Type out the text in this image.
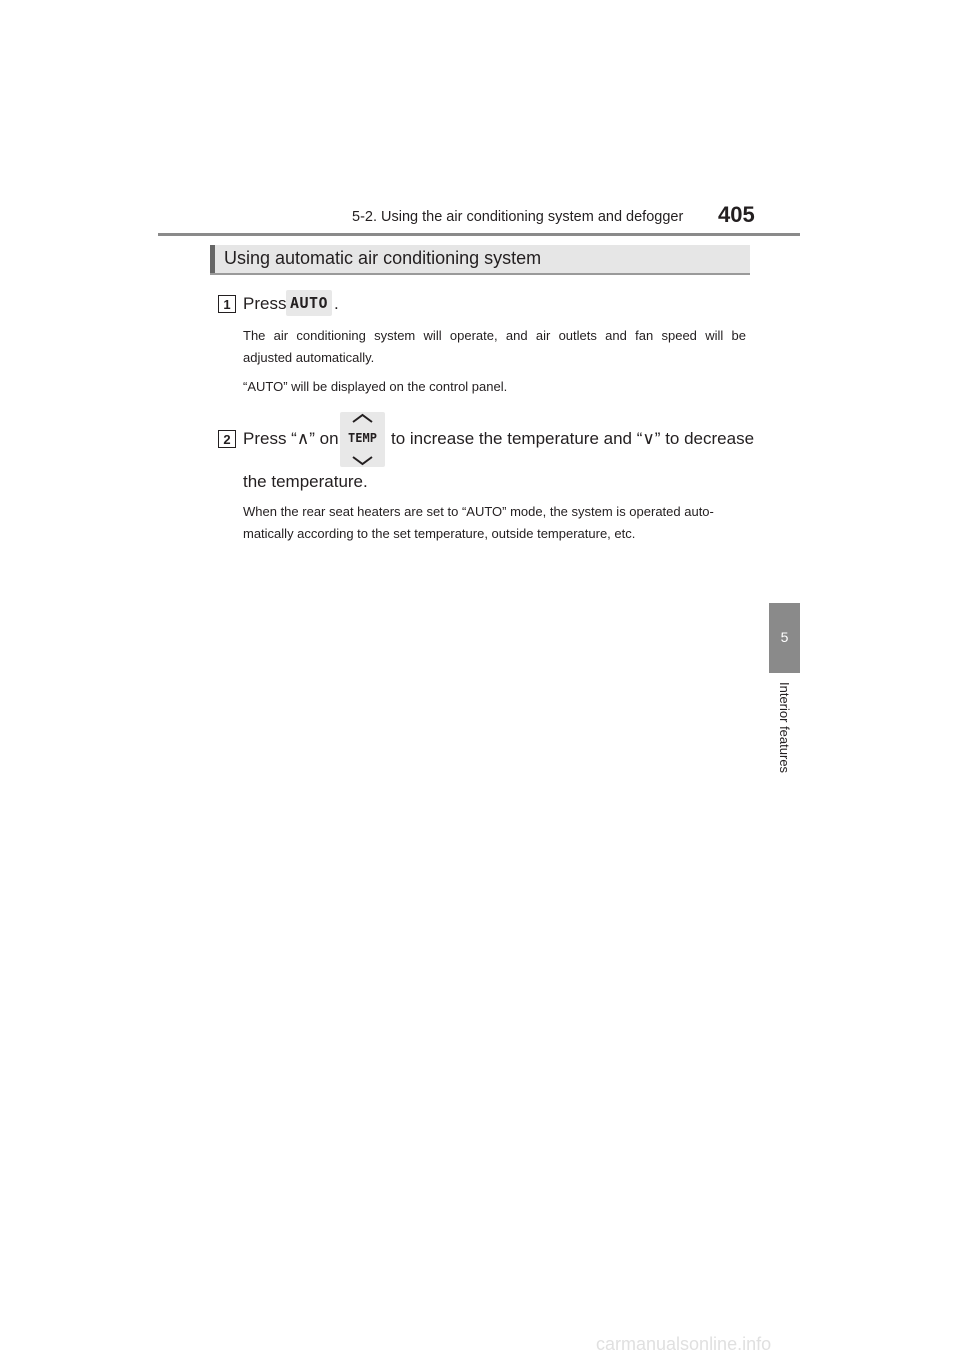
5-2. Using the air conditioning system and defogger 405
Using automatic air conditioning system
1 Press AUTO .
The air conditioning system will operate, and air outlets and fan speed will be
adjusted automatically.
“AUTO” will be displayed on the control panel.
2 Press “∧” on TEMP to increase the temperature and “∨” to decrease
the temperature.
When the rear seat heaters are set to “AUTO” mode, the system is operated auto-
matically according to the set temperature, outside temperature, etc.
5
Interior features
carmanualsonline.info
